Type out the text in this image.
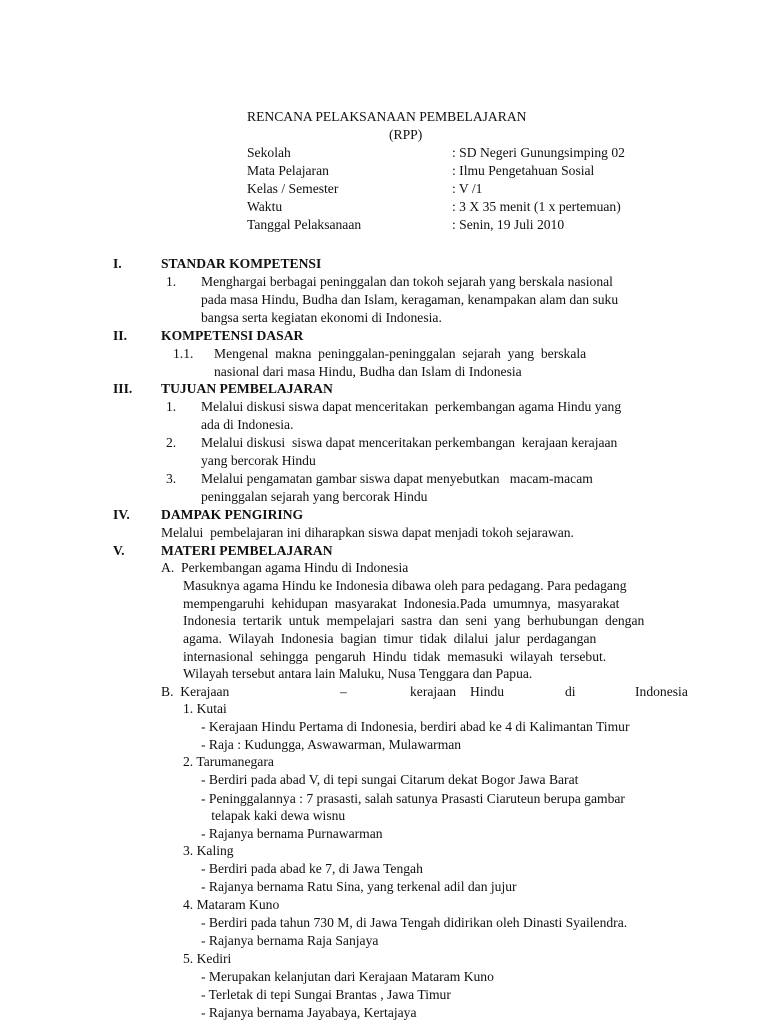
RENCANA PELAKSANAAN PEMBELAJARAN
(RPP)
Sekolah	: SD Negeri Gunungsimping 02
Mata Pelajaran	: Ilmu Pengetahuan Sosial
Kelas / Semester	: V /1
Waktu	: 3 X 35 menit (1 x pertemuan)
Tanggal Pelaksanaan	: Senin, 19 Juli 2010
I.	STANDAR KOMPETENSI
1. Menghargai berbagai peninggalan dan tokoh sejarah yang berskala nasional
pada masa Hindu, Budha dan Islam, keragaman, kenampakan alam dan suku
bangsa serta kegiatan ekonomi di Indonesia.
II.	KOMPETENSI DASAR
1.1. Mengenal  makna  peninggalan-peninggalan  sejarah  yang  berskala
nasional dari masa Hindu, Budha dan Islam di Indonesia
III. TUJUAN PEMBELAJARAN
1. Melalui diskusi siswa dapat menceritakan  perkembangan agama Hindu yang
ada di Indonesia.
2. Melalui diskusi  siswa dapat menceritakan perkembangan  kerajaan kerajaan
yang bercorak Hindu
3. Melalui pengamatan gambar siswa dapat menyebutkan   macam-macam
peninggalan sejarah yang bercorak Hindu
IV. DAMPAK PENGIRING
Melalui  pembelajaran ini diharapkan siswa dapat menjadi tokoh sejarawan.
V.	MATERI PEMBELAJARAN
A.  Perkembangan agama Hindu di Indonesia
Masuknya agama Hindu ke Indonesia dibawa oleh para pedagang. Para pedagang
mempengaruhi  kehidupan  masyarakat  Indonesia.Pada  umumnya,  masyarakat
Indonesia  tertarik  untuk  mempelajari  sastra  dan  seni  yang  berhubungan  dengan
agama.  Wilayah  Indonesia  bagian  timur  tidak  dilalui  jalur  perdagangan
internasional  sehingga  pengaruh  Hindu  tidak  memasuki  wilayah  tersebut.
Wilayah tersebut antara lain Maluku, Nusa Tenggara dan Papua.
B.  Kerajaan	–	kerajaan Hindu	di	Indonesia
1. Kutai
- Kerajaan Hindu Pertama di Indonesia, berdiri abad ke 4 di Kalimantan Timur
- Raja : Kudungga, Aswawarman, Mulawarman
2. Tarumanegara
- Berdiri pada abad V, di tepi sungai Citarum dekat Bogor Jawa Barat
- Peninggalannya : 7 prasasti, salah satunya Prasasti Ciaruteun berupa gambar
telapak kaki dewa wisnu
- Rajanya bernama Purnawarman
3. Kaling
- Berdiri pada abad ke 7, di Jawa Tengah
- Rajanya bernama Ratu Sina, yang terkenal adil dan jujur
4. Mataram Kuno
- Berdiri pada tahun 730 M, di Jawa Tengah didirikan oleh Dinasti Syailendra.
- Rajanya bernama Raja Sanjaya
5. Kediri
- Merupakan kelanjutan dari Kerajaan Mataram Kuno
- Terletak di tepi Sungai Brantas , Jawa Timur
- Rajanya bernama Jayabaya, Kertajaya
